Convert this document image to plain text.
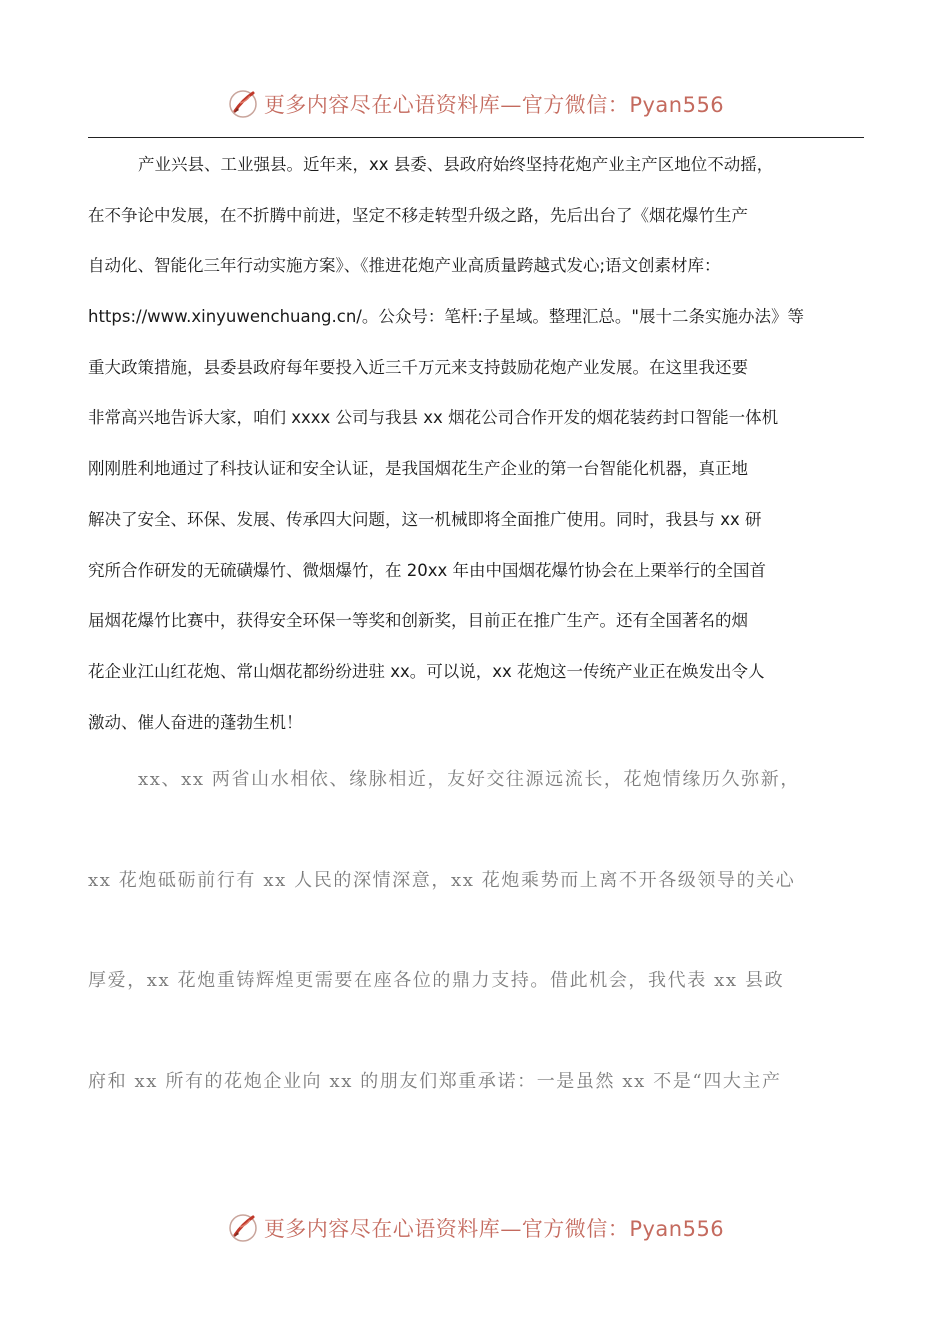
更多内容尽在心语资料库—官方微信：Pyan556
产业兴县、工业强县。近年来，xx 县委、县政府始终坚持花炮产业主产区地位不动摇，
在不争论中发展，在不折腾中前进，坚定不移走转型升级之路，先后出台了《烟花爆竹生产
自动化、智能化三年行动实施方案》、《推进花炮产业高质量跨越式发心;语文创素材库：
https://www.xinyuwenchuang.cn/。公众号：笔杆:子星域。整理汇总。"展十二条实施办法》等
重大政策措施，县委县政府每年要投入近三千万元来支持鼓励花炮产业发展。在这里我还要
非常高兴地告诉大家，咱们 xxxx 公司与我县 xx 烟花公司合作开发的烟花装药封口智能一体机
刚刚胜利地通过了科技认证和安全认证，是我国烟花生产企业的第一台智能化机器，真正地
解决了安全、环保、发展、传承四大问题，这一机械即将全面推广使用。同时，我县与 xx 研
究所合作研发的无硫磺爆竹、微烟爆竹，在 20xx 年由中国烟花爆竹协会在上栗举行的全国首
届烟花爆竹比赛中，获得安全环保一等奖和创新奖，目前正在推广生产。还有全国著名的烟
花企业江山红花炮、常山烟花都纷纷进驻 xx。可以说，xx 花炮这一传统产业正在焕发出令人
激动、催人奋进的蓬勃生机！
xx、xx 两省山水相依、缘脉相近，友好交往源远流长，花炮情缘历久弥新，
xx 花炮砥砺前行有 xx 人民的深情深意，xx 花炮乘势而上离不开各级领导的关心
厚爱，xx 花炮重铸辉煌更需要在座各位的鼎力支持。借此机会，我代表 xx 县政
府和 xx 所有的花炮企业向 xx 的朋友们郑重承诺：一是虽然 xx 不是“四大主产
更多内容尽在心语资料库—官方微信：Pyan556
